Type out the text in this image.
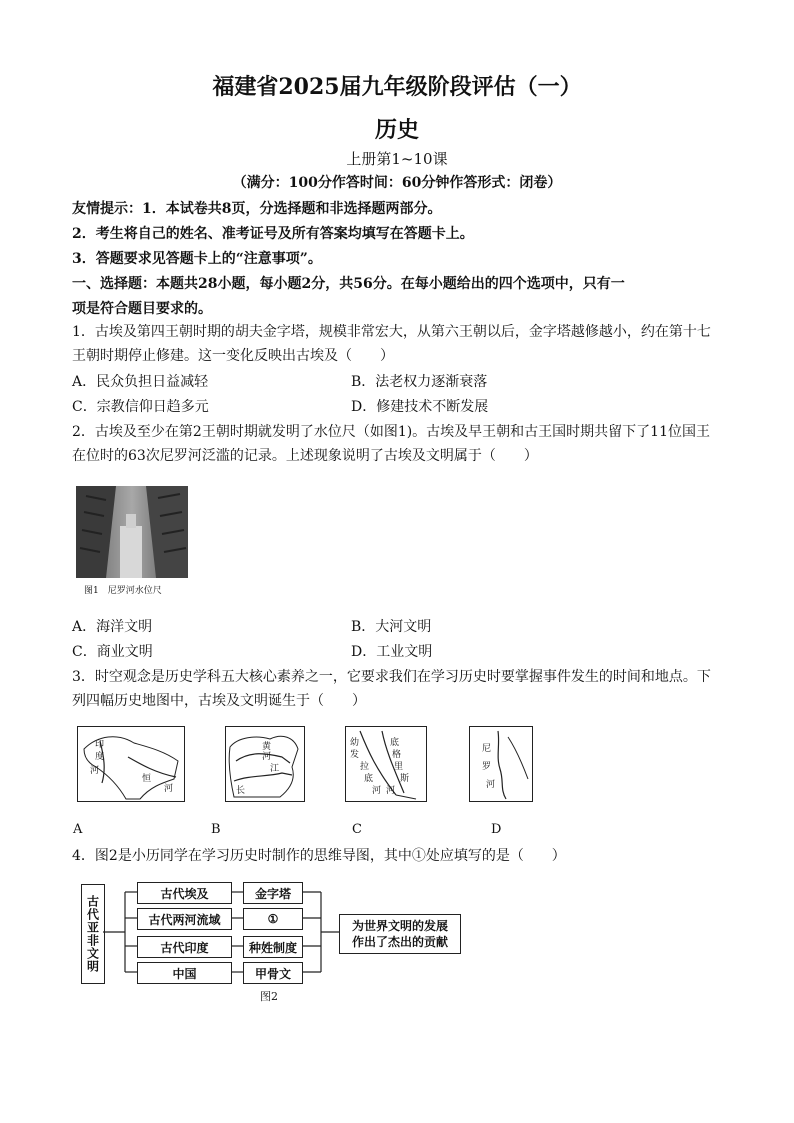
福建省2025届九年级阶段评估（一）
历史
上册第1~10课
（满分：100分作答时间：60分钟作答形式：闭卷）
友情提示：1．本试卷共8页，分选择题和非选择题两部分。
2．考生将自己的姓名、准考证号及所有答案均填写在答题卡上。
3．答题要求见答题卡上的“注意事项”。
一、选择题：本题共28小题，每小题2分，共56分。在每小题给出的四个选项中，只有一
项是符合题目要求的。
1．古埃及第四王朝时期的胡夫金字塔，规模非常宏大，从第六王朝以后，金字塔越修越小，约在第十七
王朝时期停止修建。这一变化反映出古埃及（　　）
A．民众负担日益减轻	B．法老权力逐渐衰落
C．宗教信仰日趋多元	D．修建技术不断发展
2．古埃及至少在第2王朝时期就发明了水位尺（如图1)。古埃及早王朝和古王国时期共留下了11位国王
在位时的63次尼罗河泛滥的记录。上述现象说明了古埃及文明属于（　　）
图1　尼罗河水位尺
A．海洋文明	B．大河文明
C．商业文明	D．工业文明
3．时空观念是历史学科五大核心素养之一，它要求我们在学习历史时要掌握事件发生的时间和地点。下
列四幅历史地图中，古埃及文明诞生于（　　）
印
度
河
恒
河
黄
河
长
江
幼
发
拉
底
河
底
格
里
斯
河
尼
罗
河
A	B	C	D
4．图2是小历同学在学习历史时制作的思维导图，其中①处应填写的是（　　）
古代亚非文明
古代埃及
古代两河流域
古代印度
中国
金字塔
①
种姓制度
甲骨文
为世界文明的发展
作出了杰出的贡献
图2
